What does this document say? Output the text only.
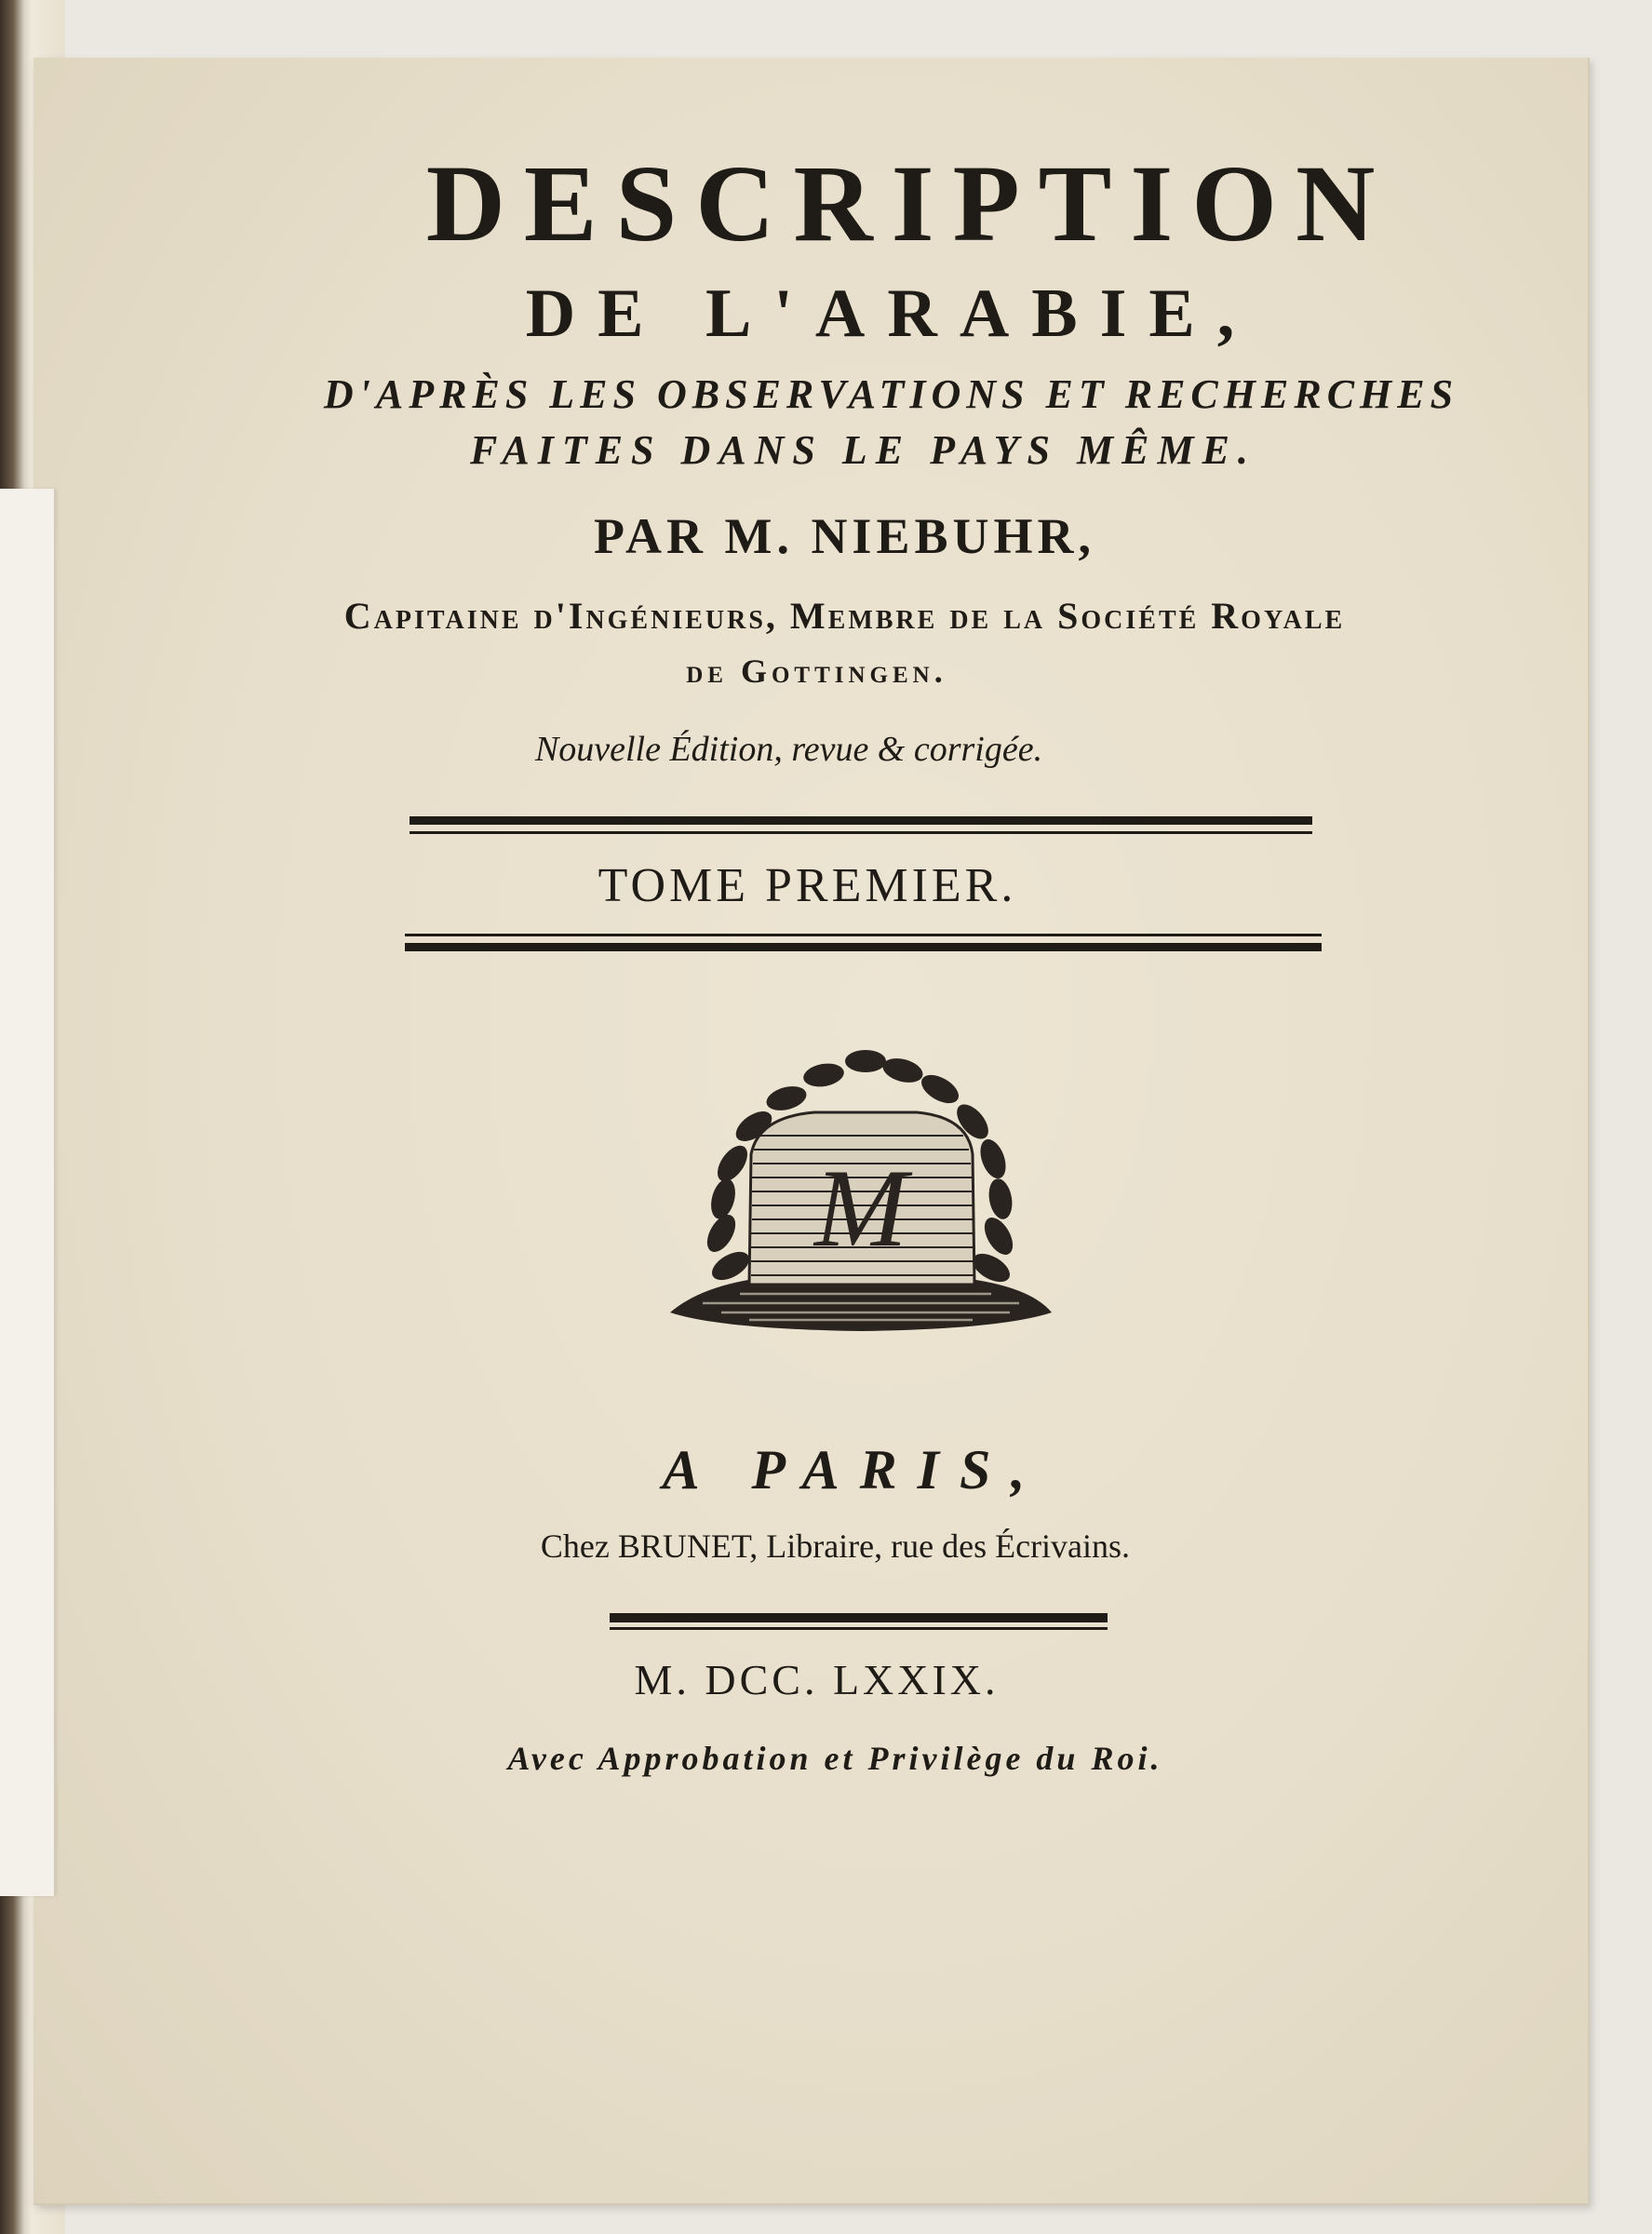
DESCRIPTION
DE L'ARABIE,
D'APRÈS LES OBSERVATIONS ET RECHERCHES
FAITES DANS LE PAYS MÊME.
PAR M. NIEBUHR,
Capitaine d'Ingénieurs, Membre de la Société Royale
de Gottingen.
Nouvelle Édition, revue & corrigée.
TOME PREMIER.
M
A PARIS,
Chez BRUNET, Libraire, rue des Écrivains.
M. DCC. LXXIX.
Avec Approbation et Privilège du Roi.
